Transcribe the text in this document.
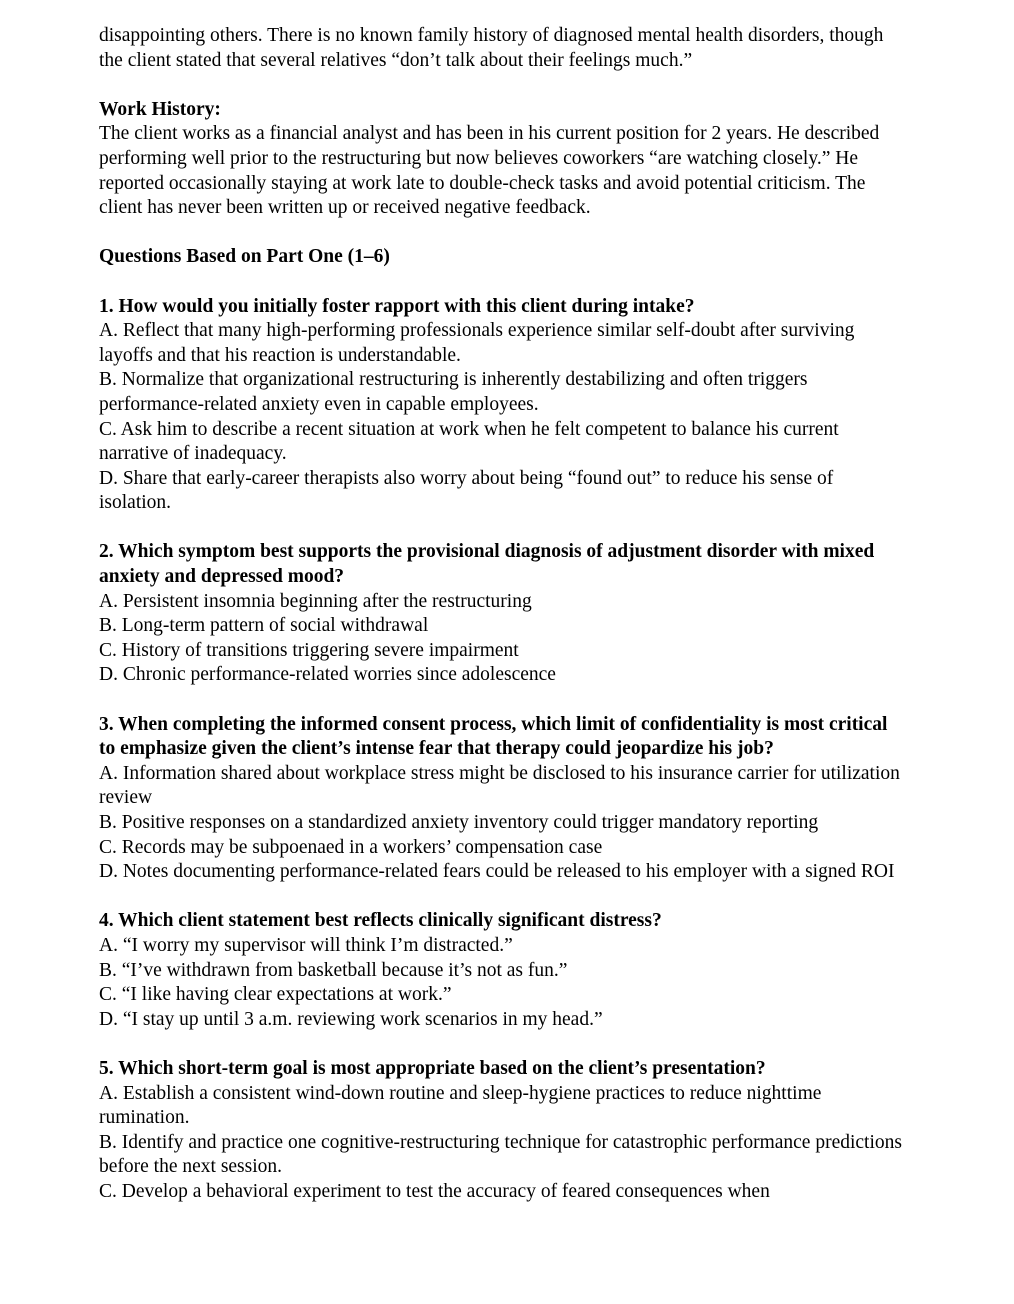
disappointing others. There is no known family history of diagnosed mental health disorders, though the client stated that several relatives “don’t talk about their feelings much.”

Work History:
The client works as a financial analyst and has been in his current position for 2 years. He described performing well prior to the restructuring but now believes coworkers “are watching closely.” He reported occasionally staying at work late to double-check tasks and avoid potential criticism. The client has never been written up or received negative feedback.

Questions Based on Part One (1–6)

1. How would you initially foster rapport with this client during intake?
A. Reflect that many high-performing professionals experience similar self-doubt after surviving layoffs and that his reaction is understandable.
B. Normalize that organizational restructuring is inherently destabilizing and often triggers performance-related anxiety even in capable employees.
C. Ask him to describe a recent situation at work when he felt competent to balance his current narrative of inadequacy.
D. Share that early-career therapists also worry about being “found out” to reduce his sense of isolation.
2. Which symptom best supports the provisional diagnosis of adjustment disorder with mixed anxiety and depressed mood?
A. Persistent insomnia beginning after the restructuring
B. Long-term pattern of social withdrawal
C. History of transitions triggering severe impairment
D. Chronic performance-related worries since adolescence
3. When completing the informed consent process, which limit of confidentiality is most critical to emphasize given the client’s intense fear that therapy could jeopardize his job?
A. Information shared about workplace stress might be disclosed to his insurance carrier for utilization review
B. Positive responses on a standardized anxiety inventory could trigger mandatory reporting
C. Records may be subpoenaed in a workers’ compensation case
D. Notes documenting performance-related fears could be released to his employer with a signed ROI
4. Which client statement best reflects clinically significant distress?
A. “I worry my supervisor will think I’m distracted.”
B. “I’ve withdrawn from basketball because it’s not as fun.”
C. “I like having clear expectations at work.”
D. “I stay up until 3 a.m. reviewing work scenarios in my head.”
5. Which short-term goal is most appropriate based on the client’s presentation?
A. Establish a consistent wind-down routine and sleep-hygiene practices to reduce nighttime rumination.
B. Identify and practice one cognitive-restructuring technique for catastrophic performance predictions before the next session.
C. Develop a behavioral experiment to test the accuracy of feared consequences when
